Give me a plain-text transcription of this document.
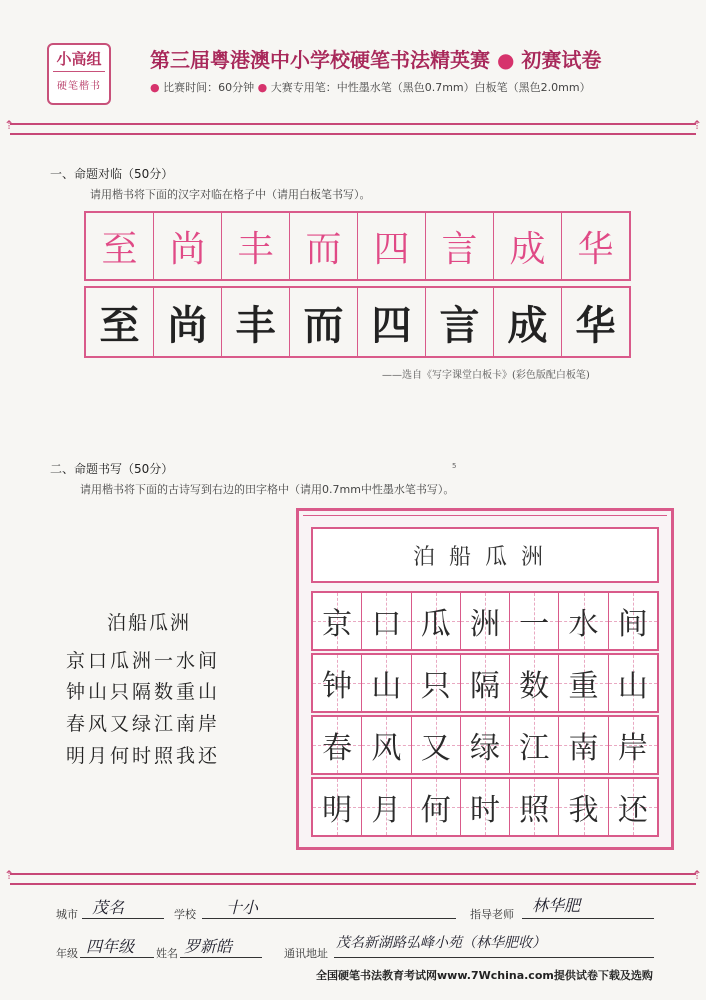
小高组
硬笔楷书
第三届粤港澳中小学校硬笔书法精英赛 ● 初赛试卷
● 比赛时间：60分钟 ● 大赛专用笔：中性墨水笔（黑色0.7mm）白板笔（黑色2.0mm）
⇡	⇡
一、命题对临（50分）
请用楷书将下面的汉字对临在格子中（请用白板笔书写）。
至 尚 丰 而 四 言 成 华
至 尚 丰 而 四 言 成 华
——选自《写字课堂白板卡》(彩色版配白板笔)
5
二、命题书写（50分）
请用楷书将下面的古诗写到右边的田字格中（请用0.7mm中性墨水笔书写）。
泊船瓜洲
京口瓜洲一水间
钟山只隔数重山
春风又绿江南岸
明月何时照我还
泊船瓜洲
京 口 瓜 洲 一 水 间
钟 山 只 隔 数 重 山
春 风 又 绿 江 南 岸
明 月 何 时 照 我 还
⇡	⇡
城市 茂名	学校 十小	指导老师 林华肥
年级 四年级 姓名 罗新皓	通讯地址
茂名新湖路弘峰小苑（林华肥收）
全国硬笔书法教育考试网www.7Wchina.com提供试卷下载及选购
